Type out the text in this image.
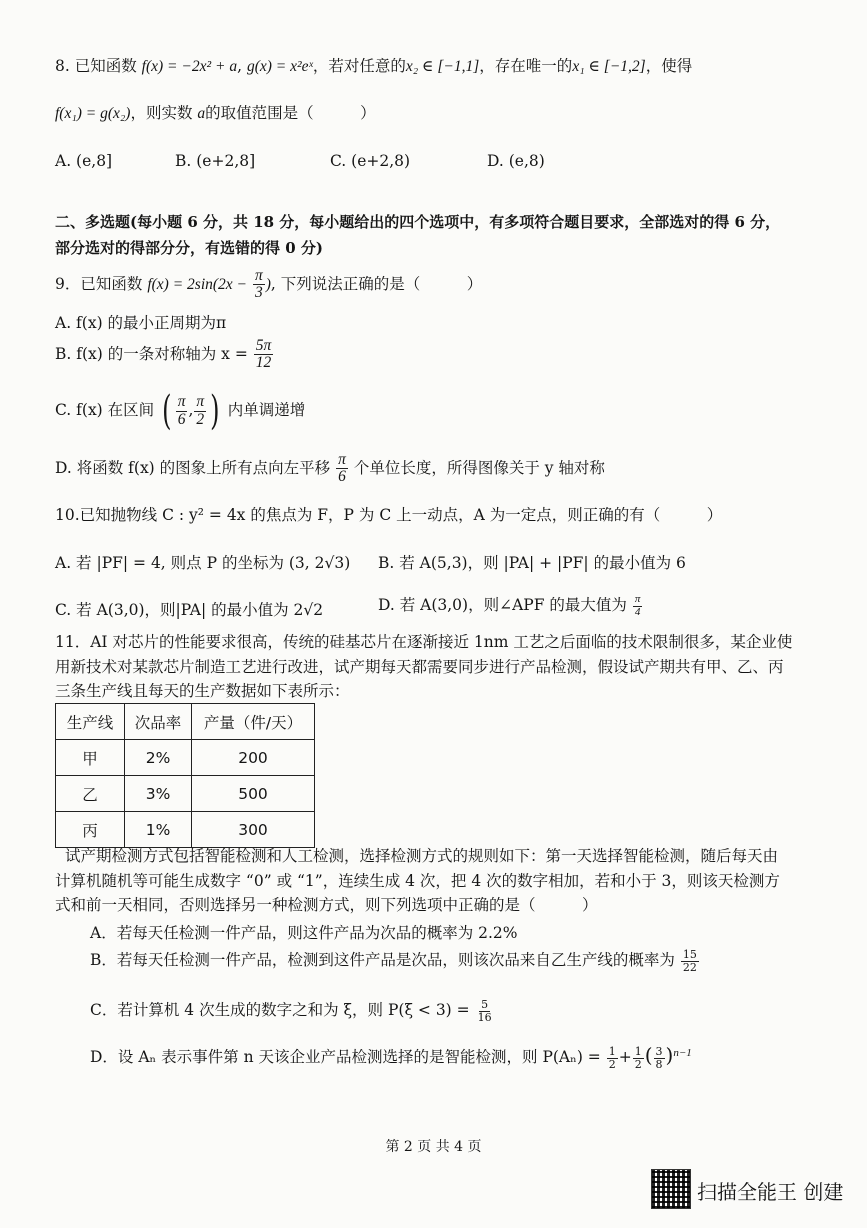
8. 已知函数 f(x) = −2x² + a, g(x) = x²eˣ，若对任意的x₂ ∈ [−1,1]，存在唯一的x₁ ∈ [−1,2]，使得
f(x₁) = g(x₂)，则实数 a的取值范围是（　　　）
A. (e,8]	B. (e+2,8]	C. (e+2,8)	D. (e,8)
二、多选题(每小题 6 分，共 18 分，每小题给出的四个选项中，有多项符合题目要求，全部选对的得 6 分，
部分选对的得部分分，有选错的得 0 分)
9．已知函数 $f(x) = 2\sin(2x - \frac{\pi}{3}$ ), 下列说法正确的是（　　　）
A. f(x) 的最小正周期为π
B. f(x) 的一条对称轴为 $x = \frac{5\pi}{12}$
C. f(x) 在区间 ( $\frac{\pi}{6}$ , $\frac{\pi}{2}$ ) 内单调递增
D. 将函数 f(x) 的图象上所有点向左平移 $\frac{\pi}{6}$ 个单位长度，所得图像关于 y 轴对称
10.已知抛物线 C : y² = 4x 的焦点为 F，P 为 C 上一动点，A 为一定点，则正确的有（　　　）
A. 若 |PF| = 4, 则点 P 的坐标为 (3, 2√3) B. 若 A(5,3)，则 |PA| + |PF| 的最小值为 6
C. 若 A(3,0)，则|PA| 的最小值为 2√2	D. 若 A(3,0)，则∠APF 的最大值为 $\frac{\pi}{4}$
11．AI 对芯片的性能要求很高，传统的硅基芯片在逐渐接近 1nm 工艺之后面临的技术限制很多，某企业使
用新技术对某款芯片制造工艺进行改进，试产期每天都需要同步进行产品检测，假设试产期共有甲、乙、丙
三条生产线且每天的生产数据如下表所示：
生产线	次品率	产量（件/天）
甲	2%	200
乙	3%	500
丙	1%	300
试产期检测方式包括智能检测和人工检测，选择检测方式的规则如下：第一天选择智能检测，随后每天由
计算机随机等可能生成数字 “0” 或 “1”，连续生成 4 次，把 4 次的数字相加，若和小于 3，则该天检测方
式和前一天相同，否则选择另一种检测方式，则下列选项中正确的是（　　　）
A．若每天任检测一件产品，则这件产品为次品的概率为 2.2%
B．若每天任检测一件产品，检测到这件产品是次品，则该次品来自乙生产线的概率为 $\frac{15}{22}$
C．若计算机 4 次生成的数字之和为 ξ，则 $P(\xi < 3) = \frac{5}{16}$
D．设 Aₙ 表示事件第 n 天该企业产品检测选择的是智能检测，则 $P(A_n) = \frac{1}{2} + \frac{1}{2}$ ( $\frac{3}{8} )^{n-1}$
第 2 页 共 4 页
扫描全能王 创建
